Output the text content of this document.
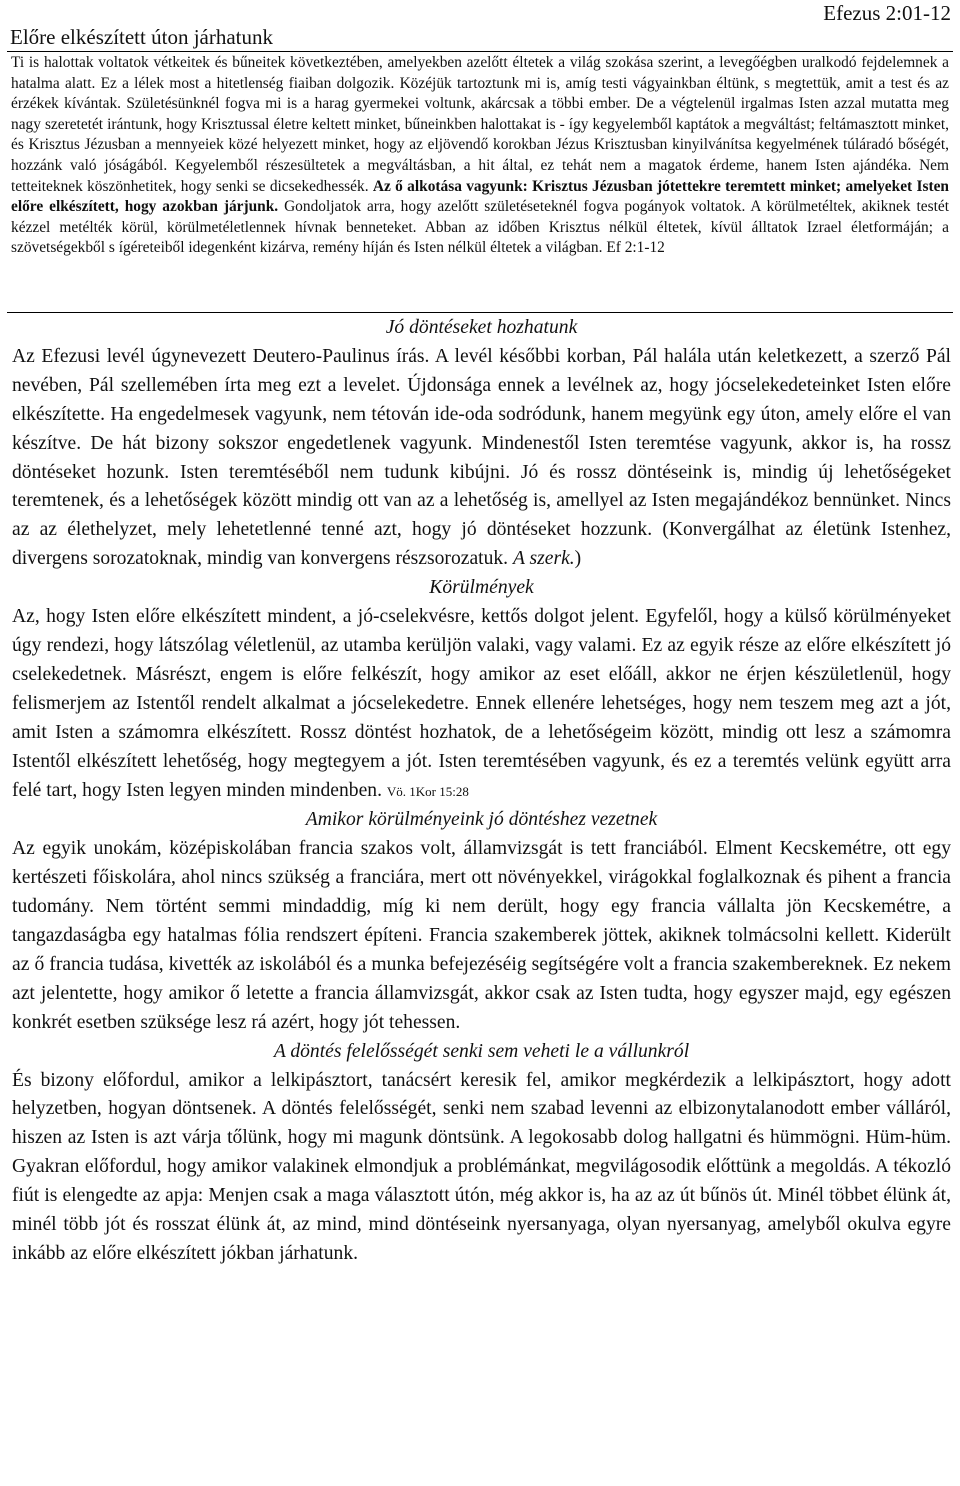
Efezus 2:01-12
Előre elkészített úton járhatunk

Ti is halottak voltatok vétkeitek és bűneitek következtében, amelyekben azelőtt éltetek a világ szokása szerint, a levegőégben uralkodó fejdelemnek a hatalma alatt. Ez a lélek most a hitetlenség fiaiban dolgozik. Közéjük tartoztunk mi is, amíg testi vágyainkban éltünk, s megtettük, amit a test és az érzékek kívántak. Születésünknél fogva mi is a harag gyermekei voltunk, akárcsak a többi ember. De a végtelenül irgalmas Isten azzal mutatta meg nagy szeretetét irántunk, hogy Krisztussal életre keltett minket, bűneinkben halottakat is - így kegyelemből kaptátok a megváltást; feltámasztott minket, és Krisztus Jézusban a mennyeiek közé helyezett minket, hogy az eljövendő korokban Jézus Krisztusban kinyilvánítsa kegyelmének túláradó bőségét, hozzánk való jóságából. Kegyelemből részesültetek a megváltásban, a hit által, ez tehát nem a magatok érdeme, hanem Isten ajándéka. Nem tetteiteknek köszönhetitek, hogy senki se dicsekedhessék. Az ő alkotása vagyunk: Krisztus Jézusban jótettekre teremtett minket; amelyeket Isten előre elkészített, hogy azokban járjunk. Gondoljatok arra, hogy azelőtt születéseteknél fogva pogányok voltatok. A körülmetéltek, akiknek testét kézzel metélték körül, körülmetéletlennek hívnak benneteket. Abban az időben Krisztus nélkül éltetek, kívül álltatok Izrael életformáján; a szövetségekből s ígéreteiből idegenként kizárva, remény híján és Isten nélkül éltetek a világban. Ef 2:1-12

Jó döntéseket hozhatunk

Az Efezusi levél úgynevezett Deutero-Paulinus írás. A levél későbbi korban, Pál halála után keletkezett, a szerző Pál nevében, Pál szellemében írta meg ezt a levelet. Újdonsága ennek a levélnek az, hogy jócselekedeteinket Isten előre elkészítette. Ha engedelmesek vagyunk, nem tétován ide-oda sodródunk, hanem megyünk egy úton, amely előre el van készítve. De hát bizony sokszor engedetlenek vagyunk. Mindenestől Isten teremtése vagyunk, akkor is, ha rossz döntéseket hozunk. Isten teremtéséből nem tudunk kibújni. Jó és rossz döntéseink is, mindig új lehetőségeket teremtenek, és a lehetőségek között mindig ott van az a lehetőség is, amellyel az Isten megajándékoz bennünket. Nincs az az élethelyzet, mely lehetetlenné tenné azt, hogy jó döntéseket hozzunk. (Konvergálhat az életünk Istenhez, divergens sorozatoknak, mindig van konvergens részsorozatuk. A szerk.)

Körülmények

Az, hogy Isten előre elkészített mindent, a jó-cselekvésre, kettős dolgot jelent. Egyfelől, hogy a külső körülményeket úgy rendezi, hogy látszólag véletlenül, az utamba kerüljön valaki, vagy valami. Ez az egyik része az előre elkészített jó cselekedetnek. Másrészt, engem is előre felkészít, hogy amikor az eset előáll, akkor ne érjen készületlenül, hogy felismerjem az Istentől rendelt alkalmat a jócselekedetre. Ennek ellenére lehetséges, hogy nem teszem meg azt a jót, amit Isten a számomra elkészített. Rossz döntést hozhatok, de a lehetőségeim között, mindig ott lesz a számomra Istentől elkészített lehetőség, hogy megtegyem a jót. Isten teremtésében vagyunk, és ez a teremtés velünk együtt arra felé tart, hogy Isten legyen minden mindenben. Vö. 1Kor 15:28

Amikor körülményeink jó döntéshez vezetnek

Az egyik unokám, középiskolában francia szakos volt, államvizsgát is tett franciából. Elment Kecskemétre, ott egy kertészeti főiskolára, ahol nincs szükség a franciára, mert ott növényekkel, virágokkal foglalkoznak és pihent a francia tudomány. Nem történt semmi mindaddig, míg ki nem derült, hogy egy francia vállalta jön Kecskemétre, a tangazdaságba egy hatalmas fólia rendszert építeni. Francia szakemberek jöttek, akiknek tolmácsolni kellett. Kiderült az ő francia tudása, kivették az iskolából és a munka befejezéséig segítségére volt a francia szakembereknek. Ez nekem azt jelentette, hogy amikor ő letette a francia államvizsgát, akkor csak az Isten tudta, hogy egyszer majd, egy egészen konkrét esetben szüksége lesz rá azért, hogy jót tehessen.

A döntés felelősségét senki sem veheti le a vállunkról

És bizony előfordul, amikor a lelkipásztort, tanácsért keresik fel, amikor megkérdezik a lelkipásztort, hogy adott helyzetben, hogyan döntsenek. A döntés felelősségét, senki nem szabad levenni az elbizonytalanodott ember válláról, hiszen az Isten is azt várja tőlünk, hogy mi magunk döntsünk. A legokosabb dolog hallgatni és hümmögni. Hüm-hüm. Gyakran előfordul, hogy amikor valakinek elmondjuk a problémánkat, megvilágosodik előttünk a megoldás. A tékozló fiút is elengedte az apja: Menjen csak a maga választott útón, még akkor is, ha az az út bűnös út. Minél többet élünk át, minél több jót és rosszat élünk át, az mind, mind döntéseink nyersanyaga, olyan nyersanyag, amelyből okulva egyre inkább az előre elkészített jókban járhatunk.
